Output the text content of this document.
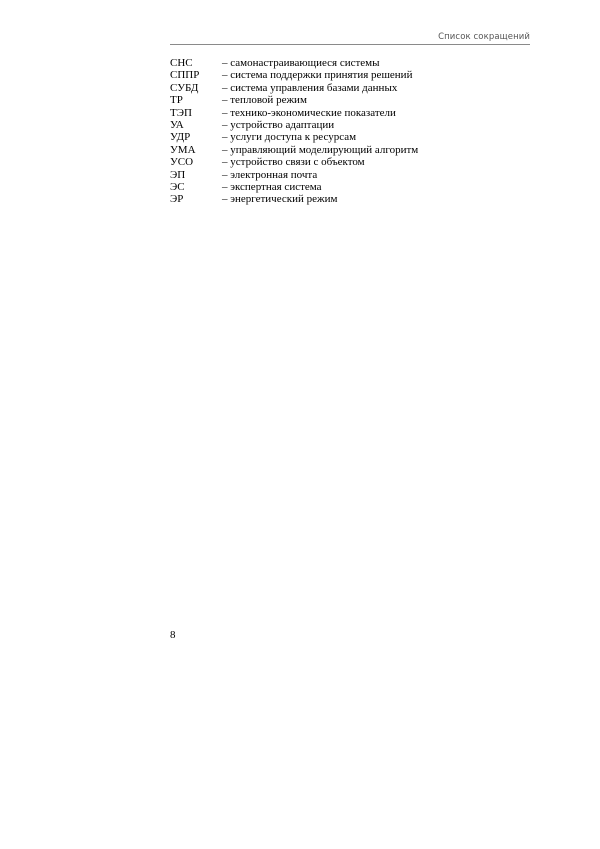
Список сокращений
СНС	– самонастраивающиеся системы
СППР	– система поддержки принятия решений
СУБД	– система управления базами данных
ТР	– тепловой режим
ТЭП	– технико-экономические показатели
УА	– устройство адаптации
УДР	– услуги доступа к ресурсам
УМА	– управляющий моделирующий алгоритм
УСО	– устройство связи с объектом
ЭП	– электронная почта
ЭС	– экспертная система
ЭР	– энергетический режим
8
